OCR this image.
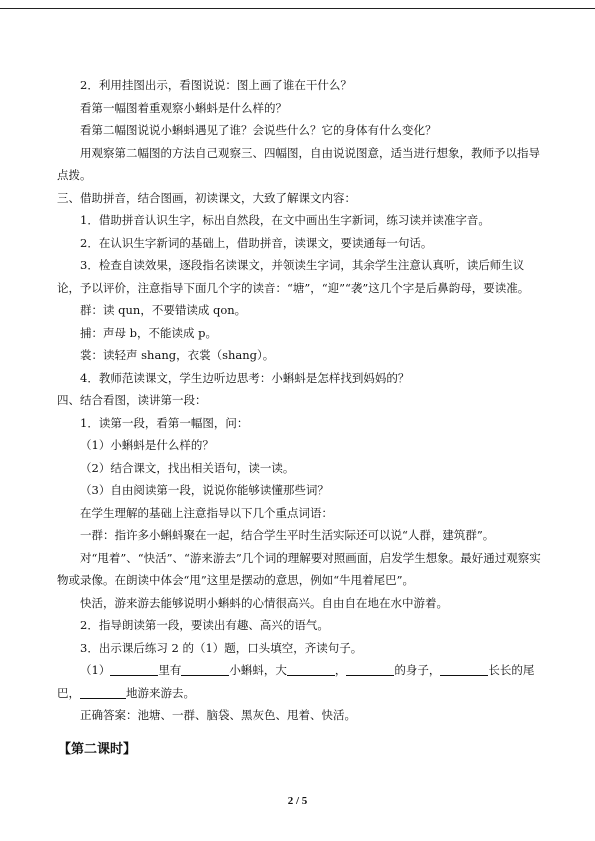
2．利用挂图出示，看图说说：图上画了谁在干什么？

看第一幅图着重观察小蝌蚪是什么样的？

看第二幅图说说小蝌蚪遇见了谁？会说些什么？它的身体有什么变化？

用观察第二幅图的方法自己观察三、四幅图，自由说说图意，适当进行想象，教师予以指导点拨。

三、借助拼音，结合图画，初读课文，大致了解课文内容：

1．借助拼音认识生字，标出自然段，在文中画出生字新词，练习读并读准字音。

2．在认识生字新词的基础上，借助拼音，读课文，要读通每一句话。

3．检查自读效果，逐段指名读课文，并领读生字词，其余学生注意认真听，读后师生议论，予以评价，注意指导下面几个字的读音：“塘”，“迎”“袭”这几个字是后鼻韵母，要读准。

群：读 qun，不要错读成 qon。

捕：声母 b，不能读成 p。

裳：读轻声 shang，衣裳（shang）。

4．教师范读课文，学生边听边思考：小蝌蚪是怎样找到妈妈的？

四、结合看图，读讲第一段：

1．读第一段，看第一幅图，问：

（1）小蝌蚪是什么样的？

（2）结合课文，找出相关语句，读一读。

（3）自由阅读第一段，说说你能够读懂那些词？

在学生理解的基础上注意指导以下几个重点词语：

一群：指许多小蝌蚪聚在一起，结合学生平时生活实际还可以说“人群，建筑群”。

对“甩着”、“快活”、“游来游去”几个词的理解要对照画面，启发学生想象。最好通过观察实物或录像。在朗读中体会“甩”这里是摆动的意思，例如“牛甩着尾巴”。

快活，游来游去能够说明小蝌蚪的心情很高兴。自由自在地在水中游着。

2．指导朗读第一段，要读出有趣、高兴的语气。

3．出示课后练习 2 的（1）题，口头填空，齐读句子。

（1）	里有	小蝌蚪，大	，	的身子，	长长的尾巴，	地游来游去。

正确答案：池塘、一群、脑袋、黑灰色、甩着、快活。

【第二课时】
2 / 5
